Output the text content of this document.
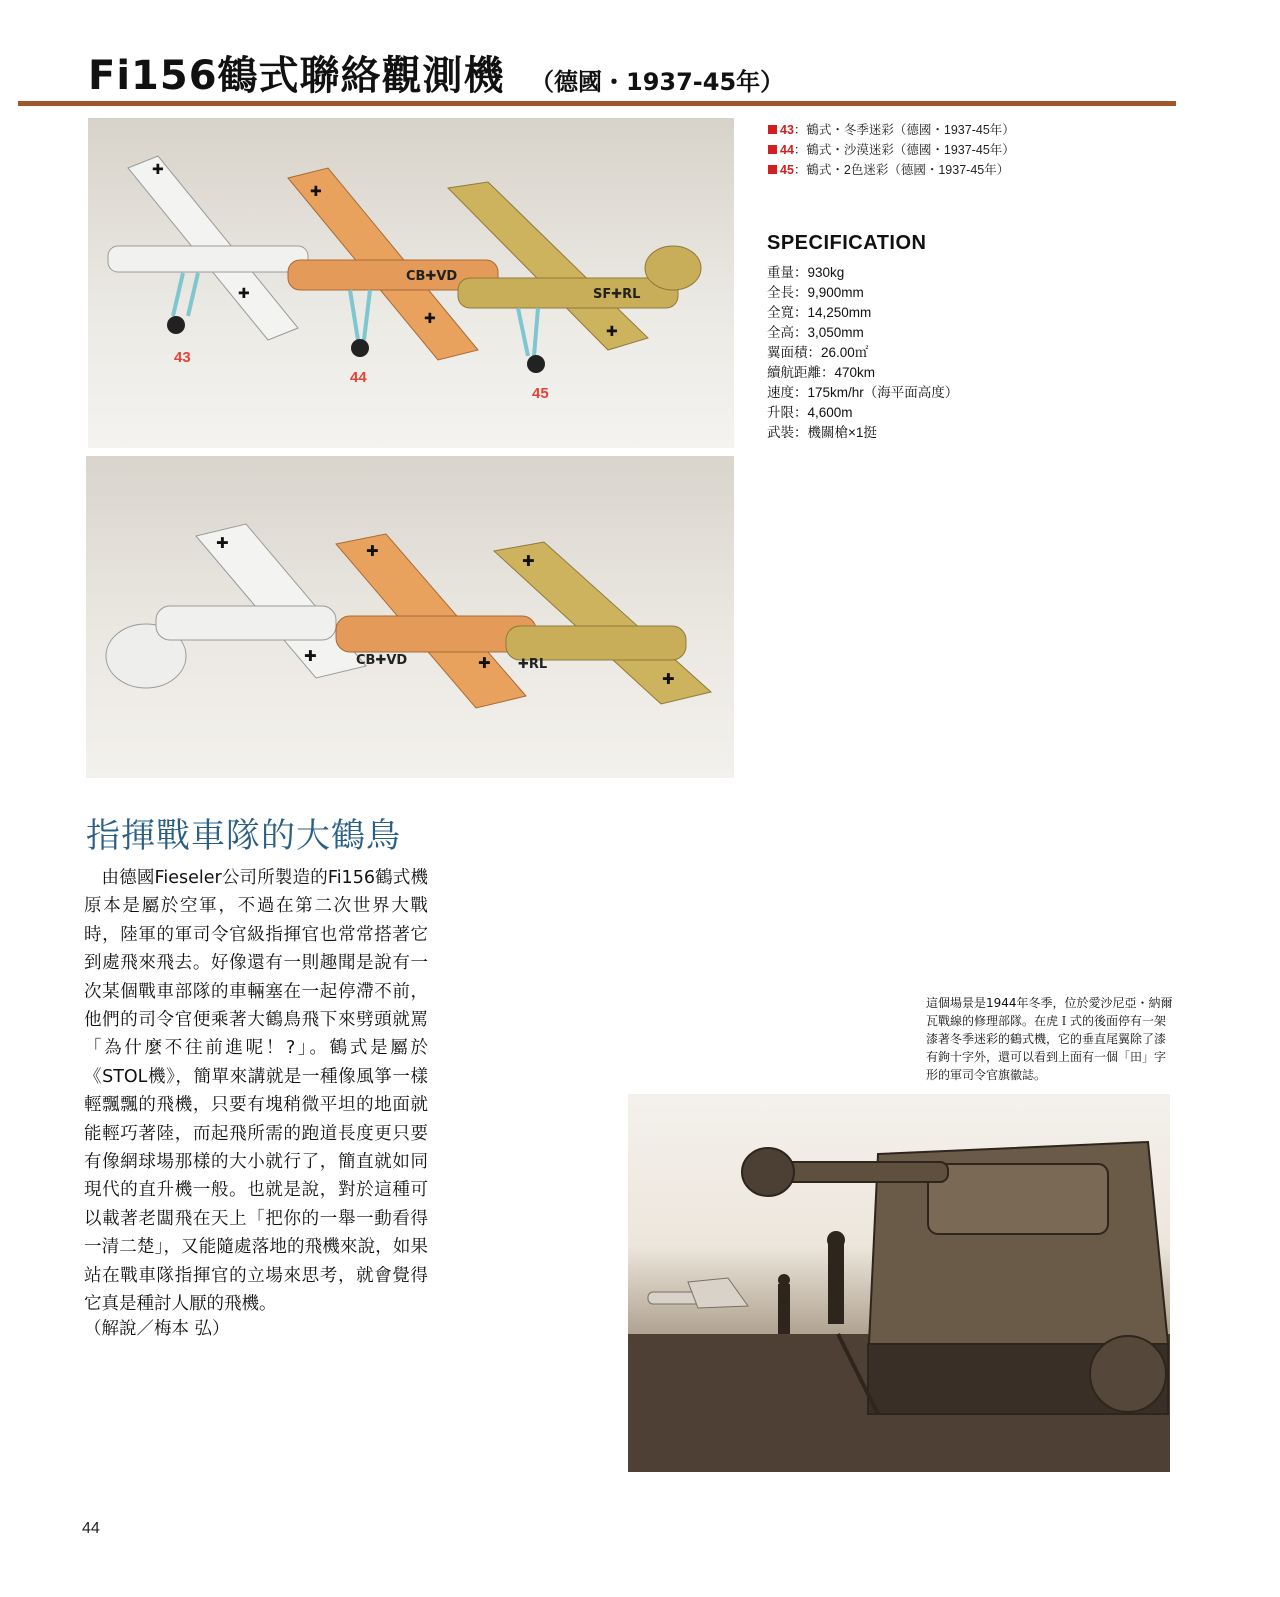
Fi156鶴式聯絡觀測機 （德國・1937-45年）
✚
✚
CB✚VD
✚
✚
SF✚RL
✚
43
44
45
✚
✚	CB✚VD
✚
✚ ✚RL
✚
✚
43：鶴式・冬季迷彩（德國・1937-45年）
44：鶴式・沙漠迷彩（德國・1937-45年）
45：鶴式・2色迷彩（德國・1937-45年）
SPECIFICATION
重量：930kg
全長：9,900mm
全寬：14,250mm
全高：3,050mm
翼面積：26.00㎡
續航距離：470km
速度：175km/hr（海平面高度）
升限：4,600m
武裝：機關槍×1挺
指揮戰車隊的大鶴鳥

由德國Fieseler公司所製造的Fi156鶴式機原本是屬於空軍，不過在第二次世界大戰時，陸軍的軍司令官級指揮官也常常搭著它到處飛來飛去。好像還有一則趣聞是說有一次某個戰車部隊的車輛塞在一起停滯不前，他們的司令官便乘著大鶴鳥飛下來劈頭就罵「為什麼不往前進呢！?」。鶴式是屬於《STOL機》，簡單來講就是一種像風箏一樣輕飄飄的飛機，只要有塊稍微平坦的地面就能輕巧著陸，而起飛所需的跑道長度更只要有像網球場那樣的大小就行了，簡直就如同現代的直升機一般。也就是說，對於這種可以載著老闆飛在天上「把你的一舉一動看得一清二楚」，又能隨處落地的飛機來說，如果站在戰車隊指揮官的立場來思考，就會覺得它真是種討人厭的飛機。

（解說／梅本 弘）
這個場景是1944年冬季，位於愛沙尼亞・納爾瓦戰線的修理部隊。在虎Ｉ式的後面停有一架漆著冬季迷彩的鶴式機，它的垂直尾翼除了漆有鉤十字外，還可以看到上面有一個「田」字形的軍司令官旗徽誌。
44
